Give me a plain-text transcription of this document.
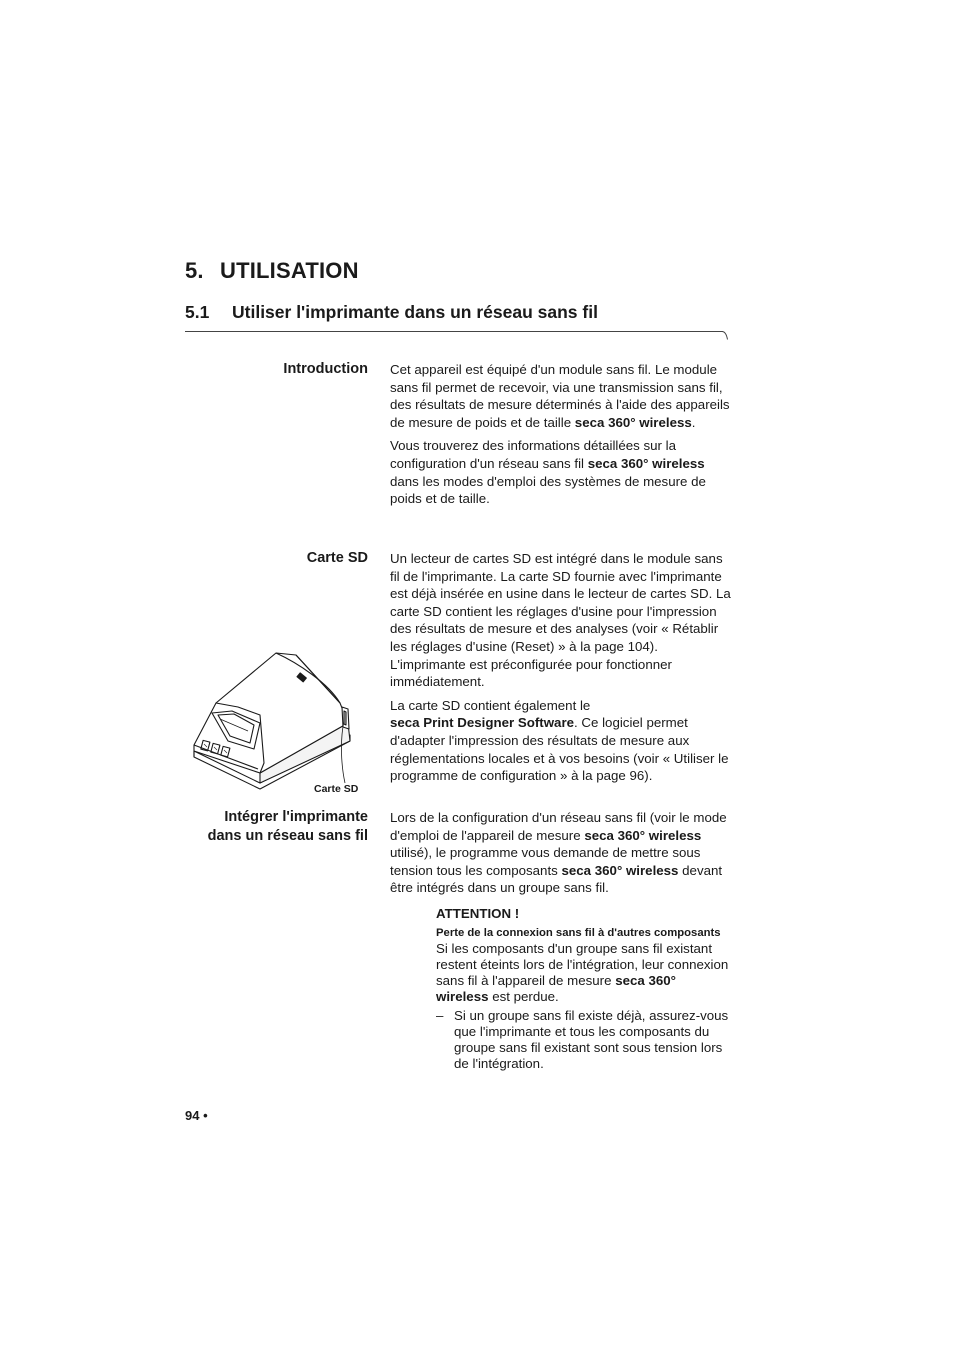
5. UTILISATION
5.1 Utiliser l'imprimante dans un réseau sans fil
Introduction
Carte SD
Intégrer l'imprimante
dans un réseau sans fil

Cet appareil est équipé d'un module sans fil. Le module sans fil permet de recevoir, via une transmission sans fil, des résultats de mesure déterminés à l'aide des appareils de mesure de poids et de taille seca 360° wireless.

Vous trouverez des informations détaillées sur la configuration d'un réseau sans fil seca 360° wireless dans les modes d'emploi des systèmes de mesure de poids et de taille.

Un lecteur de cartes SD est intégré dans le module sans fil de l'imprimante. La carte SD fournie avec l'imprimante est déjà insérée en usine dans le lecteur de cartes SD. La carte SD contient les réglages d'usine pour l'impression des résultats de mesure et des analyses (voir « Rétablir les réglages d'usine (Reset) » à la page 104). L'imprimante est préconfigurée pour fonctionner immédiatement.

La carte SD contient également le
seca Print Designer Software. Ce logiciel permet d'adapter l'impression des résultats de mesure aux réglementations locales et à vos besoins (voir « Utiliser le programme de configuration » à la page 96).

Carte SD

Lors de la configuration d'un réseau sans fil (voir le mode d'emploi de l'appareil de mesure seca 360° wireless utilisé), le programme vous demande de mettre sous tension tous les composants seca 360° wireless devant être intégrés dans un groupe sans fil.

ATTENTION !
Perte de la connexion sans fil à d'autres composants

Si les composants d'un groupe sans fil existant restent éteints lors de l'intégration, leur connexion sans fil à l'appareil de mesure seca 360° wireless est perdue.

– Si un groupe sans fil existe déjà, assurez-vous que l'imprimante et tous les composants du groupe sans fil existant sont sous tension lors de l'intégration.
94 •
